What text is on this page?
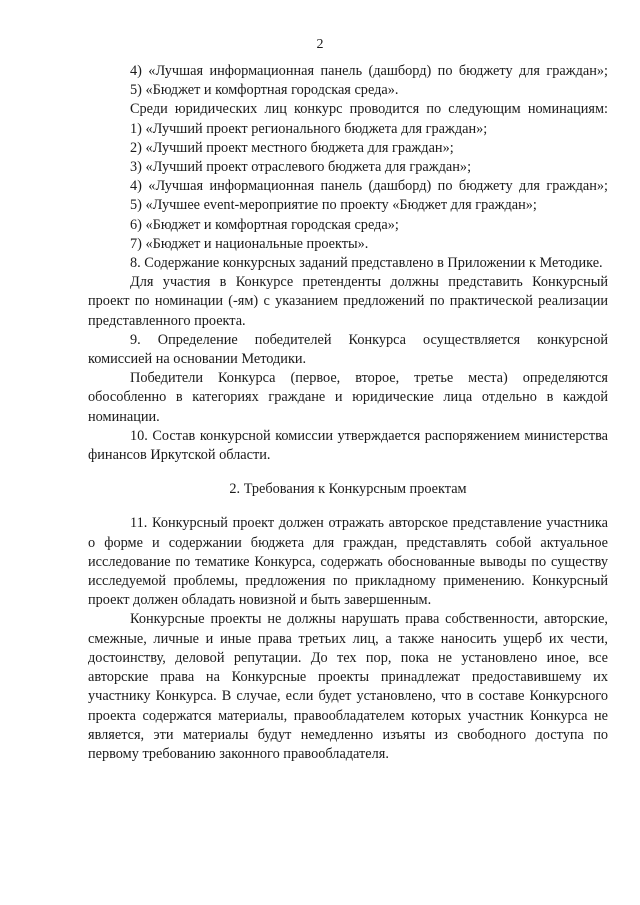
2

4) «Лучшая информационная панель (дашборд) по бюджету для граждан»;

5) «Бюджет и комфортная городская среда».

Среди юридических лиц конкурс проводится по следующим номинациям:

1) «Лучший проект регионального бюджета для граждан»;

2) «Лучший проект местного бюджета для граждан»;

3) «Лучший проект отраслевого бюджета для граждан»;

4) «Лучшая информационная панель (дашборд) по бюджету для граждан»;

5) «Лучшее event-мероприятие по проекту «Бюджет для граждан»;

6) «Бюджет и комфортная городская среда»;

7) «Бюджет и национальные проекты».

8. Содержание конкурсных заданий представлено в Приложении к Методике.

Для участия в Конкурсе претенденты должны представить Конкурсный проект по номинации (-ям) с указанием предложений по практической реализации представленного проекта.

9. Определение победителей Конкурса осуществляется конкурсной комиссией на основании Методики.

Победители Конкурса (первое, второе, третье места) определяются обособленно в категориях граждане и юридические лица отдельно в каждой номинации.

10. Состав конкурсной комиссии утверждается распоряжением министерства финансов Иркутской области.

2. Требования к Конкурсным проектам

11. Конкурсный проект должен отражать авторское представление участника о форме и содержании бюджета для граждан, представлять собой актуальное исследование по тематике Конкурса, содержать обоснованные выводы по существу исследуемой проблемы, предложения по прикладному применению. Конкурсный проект должен обладать новизной и быть завершенным.

Конкурсные проекты не должны нарушать права собственности, авторские, смежные, личные и иные права третьих лиц, а также наносить ущерб их чести, достоинству, деловой репутации. До тех пор, пока не установлено иное, все авторские права на Конкурсные проекты принадлежат предоставившему их участнику Конкурса. В случае, если будет установлено, что в составе Конкурсного проекта содержатся материалы, правообладателем которых участник Конкурса не является, эти материалы будут немедленно изъяты из свободного доступа по первому требованию законного правообладателя.
